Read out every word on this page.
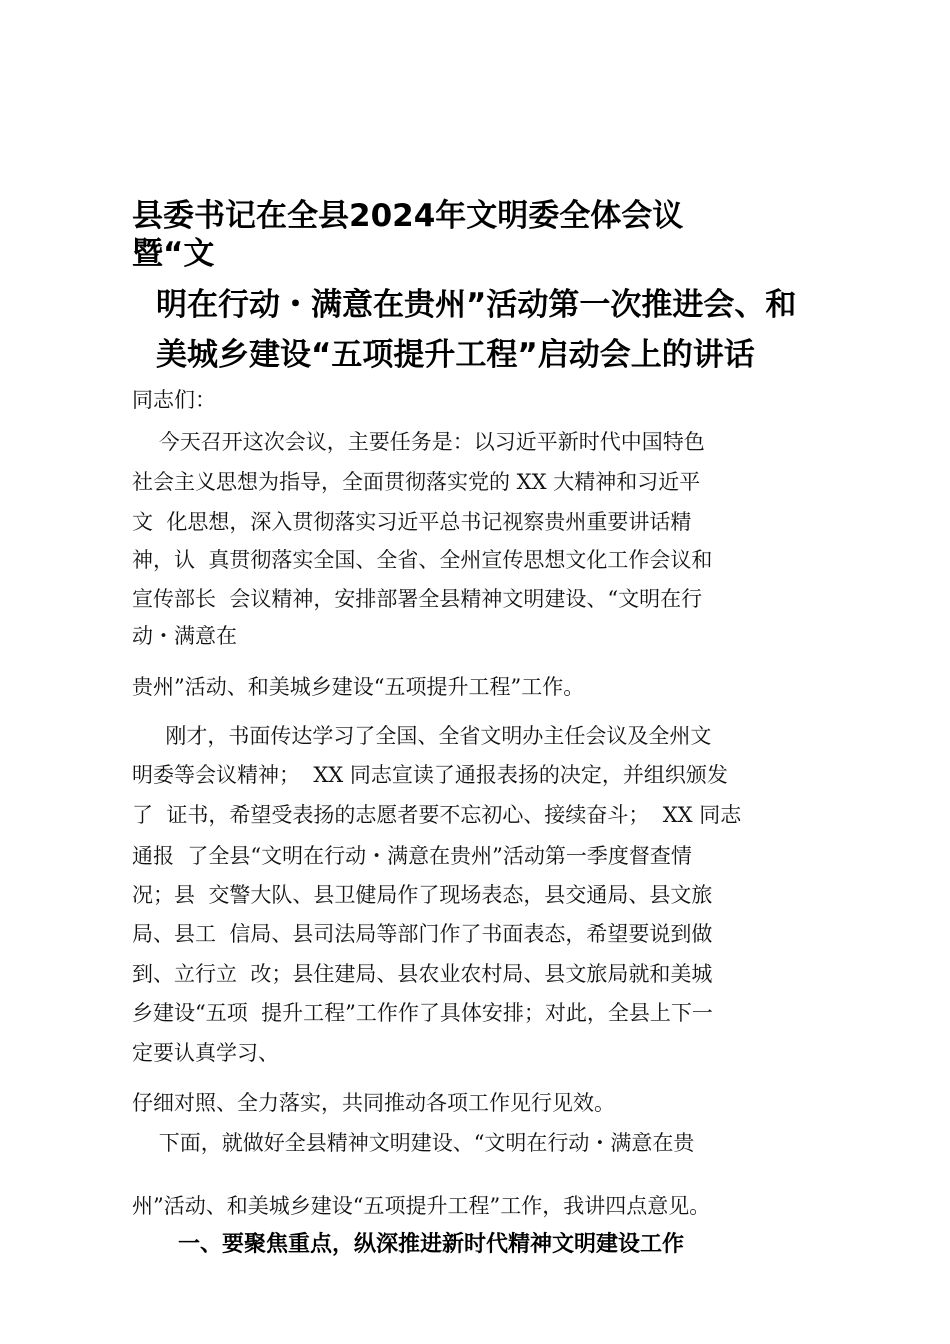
县委书记在全县2024年文明委全体会议
暨“文
明在行动・满意在贵州”活动第一次推进会、和
美城乡建设“五项提升工程”启动会上的讲话
同志们：
今天召开这次会议，主要任务是：以习近平新时代中国特色
社会主义思想为指导，全面贯彻落实党的 XX 大精神和习近平
文  化思想，深入贯彻落实习近平总书记视察贵州重要讲话精
神，认  真贯彻落实全国、全省、全州宣传思想文化工作会议和
宣传部长  会议精神，安排部署全县精神文明建设、“文明在行
动・满意在
贵州”活动、和美城乡建设“五项提升工程”工作。
刚才，书面传达学习了全国、全省文明办主任会议及全州文
明委等会议精神；  XX 同志宣读了通报表扬的决定，并组织颁发
了  证书，希望受表扬的志愿者要不忘初心、接续奋斗；  XX 同志
通报  了全县“文明在行动・满意在贵州”活动第一季度督查情
况；县  交警大队、县卫健局作了现场表态，县交通局、县文旅
局、县工  信局、县司法局等部门作了书面表态，希望要说到做
到、立行立  改；县住建局、县农业农村局、县文旅局就和美城
乡建设“五项  提升工程”工作作了具体安排；对此，全县上下一
定要认真学习、
仔细对照、全力落实，共同推动各项工作见行见效。
下面，就做好全县精神文明建设、“文明在行动・满意在贵
州”活动、和美城乡建设“五项提升工程”工作，我讲四点意见。
一、要聚焦重点，纵深推进新时代精神文明建设工作
